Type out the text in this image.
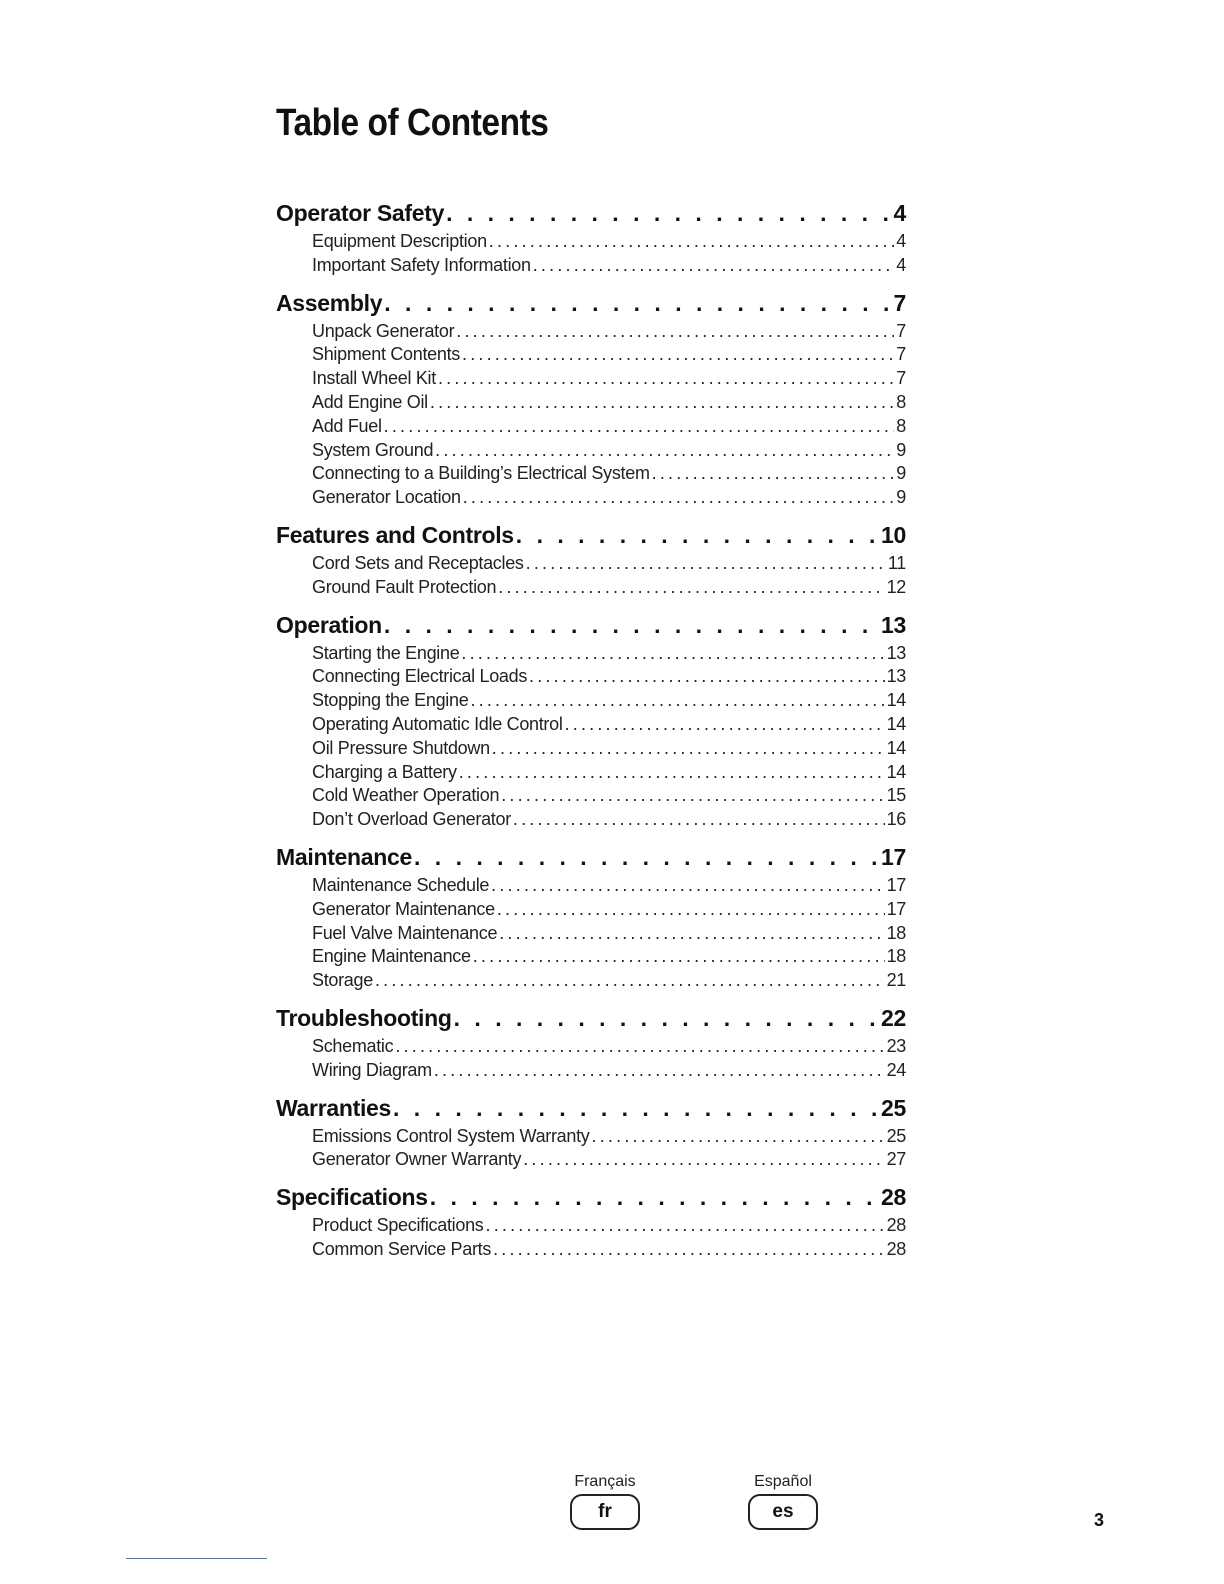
Table of Contents
Operator Safety . . .	4
Equipment Description .....	4
Important Safety Information .....	4
Assembly . . .	7
Unpack Generator .....	7
Shipment Contents .....	7
Install Wheel Kit .....	7
Add Engine Oil .....	8
Add Fuel .....	8
System Ground .....	9
Connecting to a Building’s Electrical System .....	9
Generator Location .....	9
Features and Controls . . .	10
Cord Sets and Receptacles .....	11
Ground Fault Protection .....	12
Operation . . .	13
Starting the Engine .....	13
Connecting Electrical Loads .....	13
Stopping the Engine .....	14
Operating Automatic Idle Control .....	14
Oil Pressure Shutdown .....	14
Charging a Battery .....	14
Cold Weather Operation .....	15
Don’t Overload Generator .....	16
Maintenance . . .	17
Maintenance Schedule .....	17
Generator Maintenance .....	17
Fuel Valve Maintenance .....	18
Engine Maintenance .....	18
Storage .....	21
Troubleshooting . . .	22
Schematic .....	23
Wiring Diagram .....	24
Warranties . . .	25
Emissions Control System Warranty .....	25
Generator Owner Warranty .....	27
Specifications . . .	28
Product Specifications .....	28
Common Service Parts .....	28
Français
fr
Español
es	3
